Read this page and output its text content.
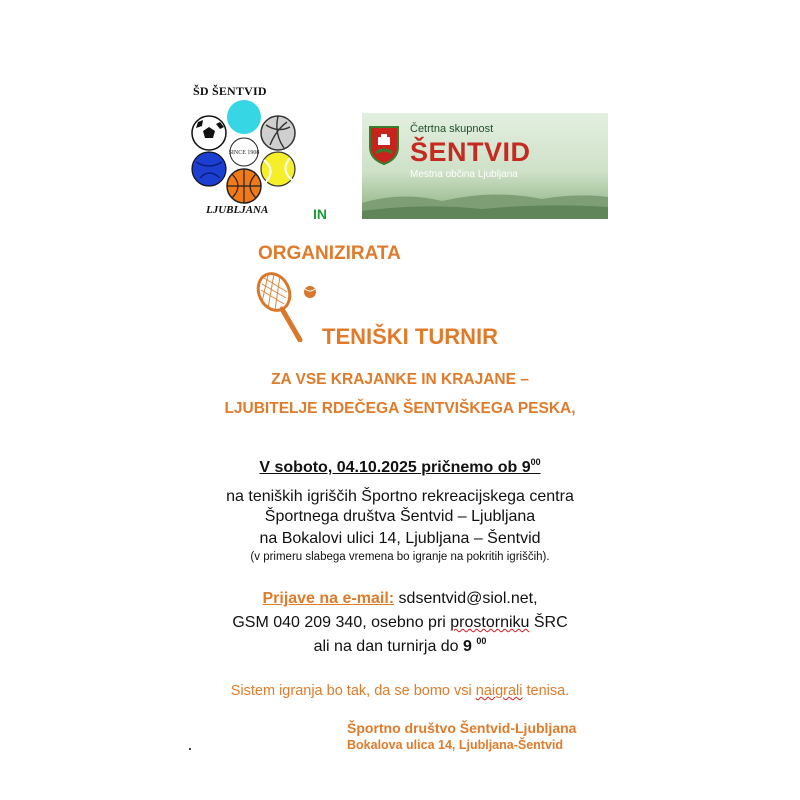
ŠD ŠENTVID
SINCE 1908
LJUBLJANA	IN
Četrtna skupnost
ŠENTVID
Mestna občina Ljubljana
ORGANIZIRATA
TENIŠKI TURNIR
ZA VSE KRAJANKE IN KRAJANE –
LJUBITELJE RDEČEGA ŠENTVIŠKEGA PESKA,
V soboto, 04.10.2025 pričnemo ob $9^{00}$
na teniških igriščih Športno rekreacijskega centra
Športnega društva Šentvid – Ljubljana
na Bokalovi ulici 14, Ljubljana – Šentvid
(v primeru slabega vremena bo igranje na pokritih igriščih).
Prijave na e-mail: sdsentvid@siol.net,
GSM 040 209 340, osebno pri prostorniku ŠRC
ali na dan turnirja do 9 $^{00}$
Sistem igranja bo tak, da se bomo vsi naigrali tenisa.
Športno društvo Šentvid-Ljubljana
Bokalova ulica 14, Ljubljana-Šentvid
